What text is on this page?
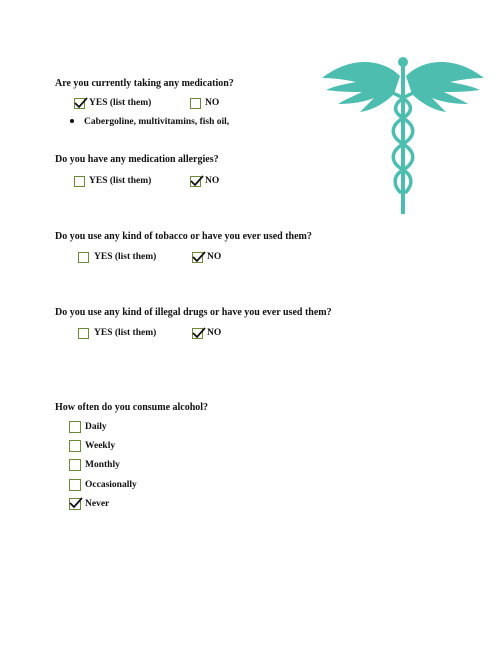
Are you currently taking any medication?
YES (list them)	NO
Cabergoline, multivitamins, fish oil,
Do you have any medication allergies?
YES (list them)	NO
Do you use any kind of tobacco or have you ever used them?
YES (list them)	NO
Do you use any kind of illegal drugs or have you ever used them?
YES (list them)	NO
How often do you consume alcohol?
Daily
Weekly
Monthly
Occasionally
Never
